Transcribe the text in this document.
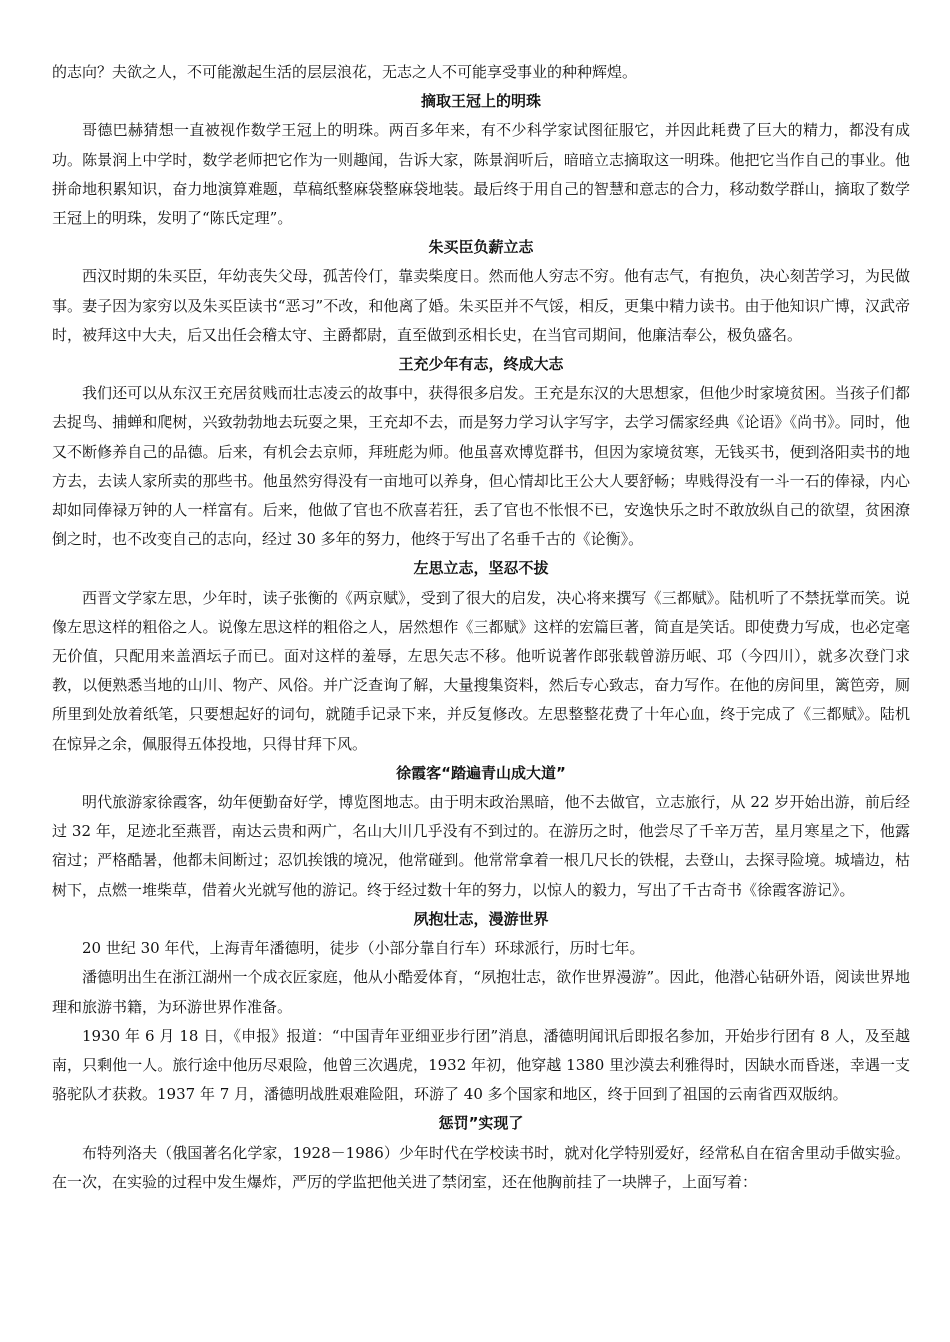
的志向？夫欲之人，不可能激起生活的层层浪花，无志之人不可能享受事业的种种辉煌。

摘取王冠上的明珠

哥德巴赫猜想一直被视作数学王冠上的明珠。两百多年来，有不少科学家试图征服它，并因此耗费了巨大的精力，都没有成功。陈景润上中学时，数学老师把它作为一则趣闻，告诉大家，陈景润听后，暗暗立志摘取这一明珠。他把它当作自己的事业。他拼命地积累知识，奋力地演算难题，草稿纸整麻袋整麻袋地装。最后终于用自己的智慧和意志的合力，移动数学群山，摘取了数学王冠上的明珠，发明了“陈氏定理”。

朱买臣负薪立志

西汉时期的朱买臣，年幼丧失父母，孤苦伶仃，靠卖柴度日。然而他人穷志不穷。他有志气，有抱负，决心刻苦学习，为民做事。妻子因为家穷以及朱买臣读书“恶习”不改，和他离了婚。朱买臣并不气馁，相反，更集中精力读书。由于他知识广博，汉武帝时，被拜这中大夫，后又出任会稽太守、主爵都尉，直至做到丞相长史，在当官司期间，他廉洁奉公，极负盛名。

王充少年有志，终成大志

我们还可以从东汉王充居贫贱而壮志凌云的故事中，获得很多启发。王充是东汉的大思想家，但他少时家境贫困。当孩子们都去捉鸟、捕蝉和爬树，兴致勃勃地去玩耍之果，王充却不去，而是努力学习认字写字，去学习儒家经典《论语》《尚书》。同时，他又不断修养自己的品德。后来，有机会去京师，拜班彪为师。他虽喜欢博览群书，但因为家境贫寒，无钱买书，便到洛阳卖书的地方去，去读人家所卖的那些书。他虽然穷得没有一亩地可以养身，但心情却比王公大人要舒畅；卑贱得没有一斗一石的俸禄，内心却如同俸禄万钟的人一样富有。后来，他做了官也不欣喜若狂，丢了官也不怅恨不已，安逸快乐之时不敢放纵自己的欲望，贫困潦倒之时，也不改变自己的志向，经过 30 多年的努力，他终于写出了名垂千古的《论衡》。

左思立志，坚忍不拔

西晋文学家左思，少年时，读子张衡的《两京赋》，受到了很大的启发，决心将来撰写《三都赋》。陆机听了不禁抚掌而笑。说像左思这样的粗俗之人。说像左思这样的粗俗之人，居然想作《三都赋》这样的宏篇巨著，简直是笑话。即使费力写成，也必定毫无价值，只配用来盖酒坛子而已。面对这样的羞辱，左思矢志不移。他听说著作郎张载曾游历岷、邛（今四川），就多次登门求教，以便熟悉当地的山川、物产、风俗。并广泛查询了解，大量搜集资料，然后专心致志，奋力写作。在他的房间里，篱笆旁，厕所里到处放着纸笔，只要想起好的词句，就随手记录下来，并反复修改。左思整整花费了十年心血，终于完成了《三都赋》。陆机在惊异之余，佩服得五体投地，只得甘拜下风。

徐霞客“踏遍青山成大道”

明代旅游家徐霞客，幼年便勤奋好学，博览图地志。由于明末政治黑暗，他不去做官，立志旅行，从 22 岁开始出游，前后经过 32 年，足迹北至燕晋，南达云贵和两广，名山大川几乎没有不到过的。在游历之时，他尝尽了千辛万苦，星月寒星之下，他露宿过；严格酷暑，他都未间断过；忍饥挨饿的境况，他常碰到。他常常拿着一根几尺长的铁棍，去登山，去探寻险境。城墙边，枯树下，点燃一堆柴草，借着火光就写他的游记。终于经过数十年的努力，以惊人的毅力，写出了千古奇书《徐霞客游记》。

夙抱壮志，漫游世界

20 世纪 30 年代，上海青年潘德明，徒步（小部分靠自行车）环球派行，历时七年。

潘德明出生在浙江湖州一个成衣匠家庭，他从小酷爱体育，“夙抱壮志，欲作世界漫游”。因此，他潜心钻研外语，阅读世界地理和旅游书籍，为环游世界作准备。

1930 年 6 月 18 日，《申报》报道：“中国青年亚细亚步行团”消息，潘德明闻讯后即报名参加，开始步行团有 8 人，及至越南，只剩他一人。旅行途中他历尽艰险，他曾三次遇虎，1932 年初，他穿越 1380 里沙漠去利雅得时，因缺水而昏迷，幸遇一支骆驼队才获救。1937 年 7 月，潘德明战胜艰难险阻，环游了 40 多个国家和地区，终于回到了祖国的云南省西双版纳。

惩罚”实现了

布特列洛夫（俄国著名化学家，1928－1986）少年时代在学校读书时，就对化学特别爱好，经常私自在宿舍里动手做实验。在一次，在实验的过程中发生爆炸，严厉的学监把他关进了禁闭室，还在他胸前挂了一块牌子，上面写着：
